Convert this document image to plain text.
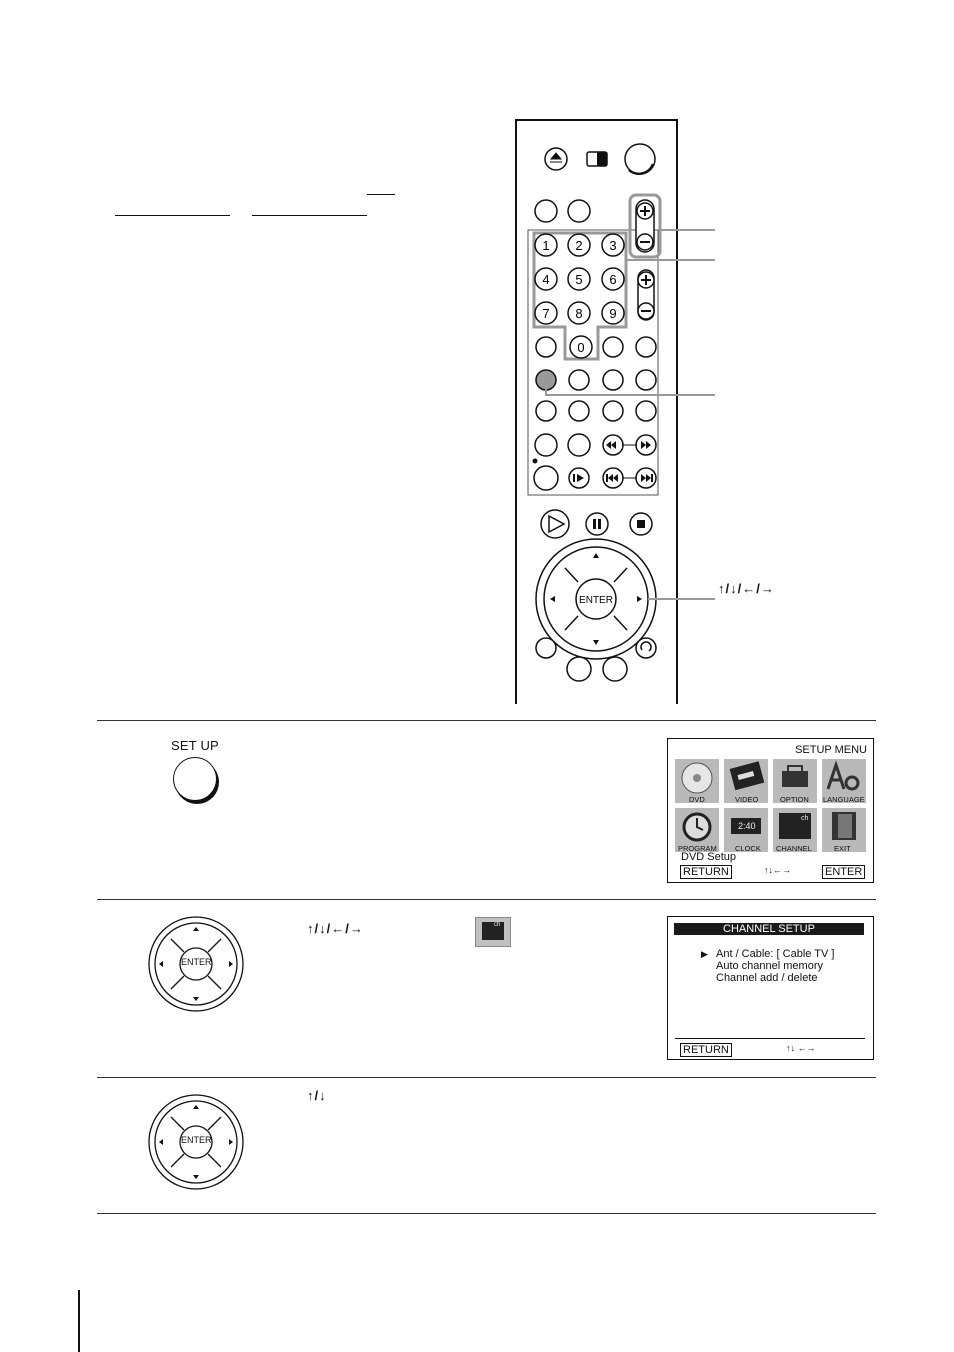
1 2 3
4 5 6
7 8 9
0
ENTER
↑/↓/←/→
SET UP	SETUP MENU
DVD	VIDEO	OPTION LANGUAGE
PROGRAM
2:40
CLOCK
ch
CHANNEL	EXIT
DVD Setup
RETURN	↑↓←→	ENTER
ENTER
↑/↓/←/→	ch	CHANNEL SETUP
▶ Ant / Cable: [ Cable TV ]
Auto channel memory
Channel add / delete
RETURN	↑↓ ←→
ENTER
↑/↓
